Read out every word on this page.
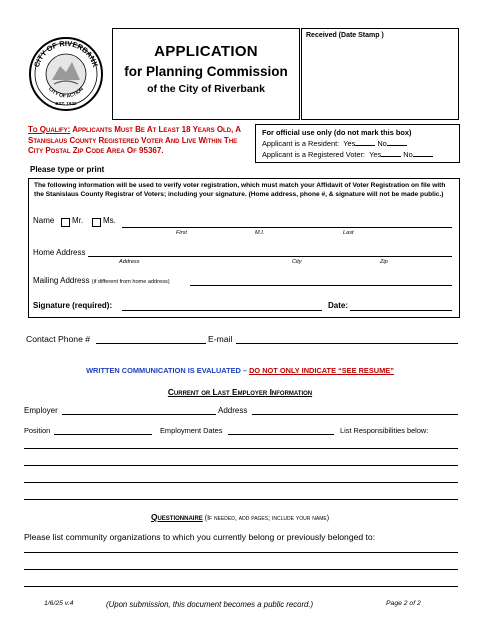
CITY OF RIVERBANK
CITY OF ACTION
EST. 1922
APPLICATION
for Planning Commission
of the City of Riverbank
Received (Date Stamp )
To Qualify: Applicants Must Be At Least 18 Years Old, A Stanislaus County Registered Voter And Live Within The City Postal Zip Code Area Of 95367.
For official use only (do not mark this box)
Applicant is a Resident: Yes	No
Applicant is a Registered Voter: Yes	No
Please type or print
The following information will be used to verify voter registration, which must match your Affidavit of Voter Registration on file with the Stanislaus County Registrar of Voters; including your signature. (Home address, phone #, & signature will not be made public.)
Name Mr. Ms.
First	M.I.	Last
Home Address
Address	City	Zip
Mailing Address (if different from home address)
Signature (required):	Date:
Contact Phone #	E-mail
WRITTEN COMMUNICATION IS EVALUATED – DO NOT ONLY INDICATE “SEE RESUME”
Current or Last Employer Information
Employer	Address
Position	Employment Dates	List Responsibilities below:
Questionnaire (If needed, add pages; include your name)
Please list community organizations to which you currently belong or previously belonged to:
1/6/25 v.4	(Upon submission, this document becomes a public record.)	Page 2 of 2
